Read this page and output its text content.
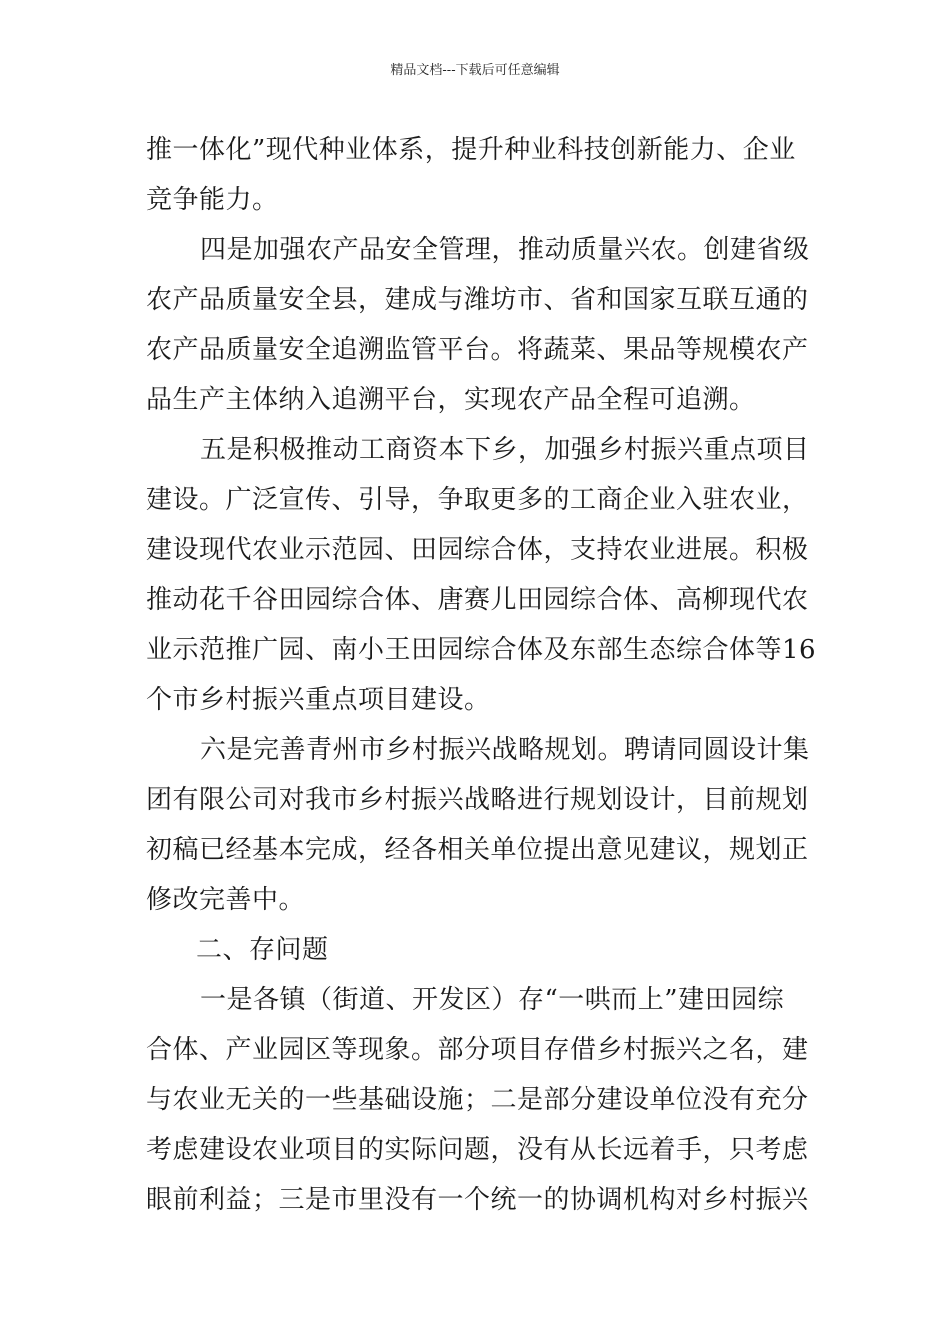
精品文档---下载后可任意编辑
推一体化”现代种业体系，提升种业科技创新能力、企业
竞争能力。
四是加强农产品安全管理，推动质量兴农。创建省级
农产品质量安全县，建成与潍坊市、省和国家互联互通的
农产品质量安全追溯监管平台。将蔬菜、果品等规模农产
品生产主体纳入追溯平台，实现农产品全程可追溯。
五是积极推动工商资本下乡，加强乡村振兴重点项目
建设。广泛宣传、引导，争取更多的工商企业入驻农业，
建设现代农业示范园、田园综合体，支持农业进展。积极
推动花千谷田园综合体、唐赛儿田园综合体、高柳现代农
业示范推广园、南小王田园综合体及东部生态综合体等16
个市乡村振兴重点项目建设。
六是完善青州市乡村振兴战略规划。聘请同圆设计集
团有限公司对我市乡村振兴战略进行规划设计，目前规划
初稿已经基本完成，经各相关单位提出意见建议，规划正
修改完善中。
二、存问题
一是各镇（街道、开发区）存“一哄而上”建田园综
合体、产业园区等现象。部分项目存借乡村振兴之名，建
与农业无关的一些基础设施；二是部分建设单位没有充分
考虑建设农业项目的实际问题，没有从长远着手，只考虑
眼前利益；三是市里没有一个统一的协调机构对乡村振兴
